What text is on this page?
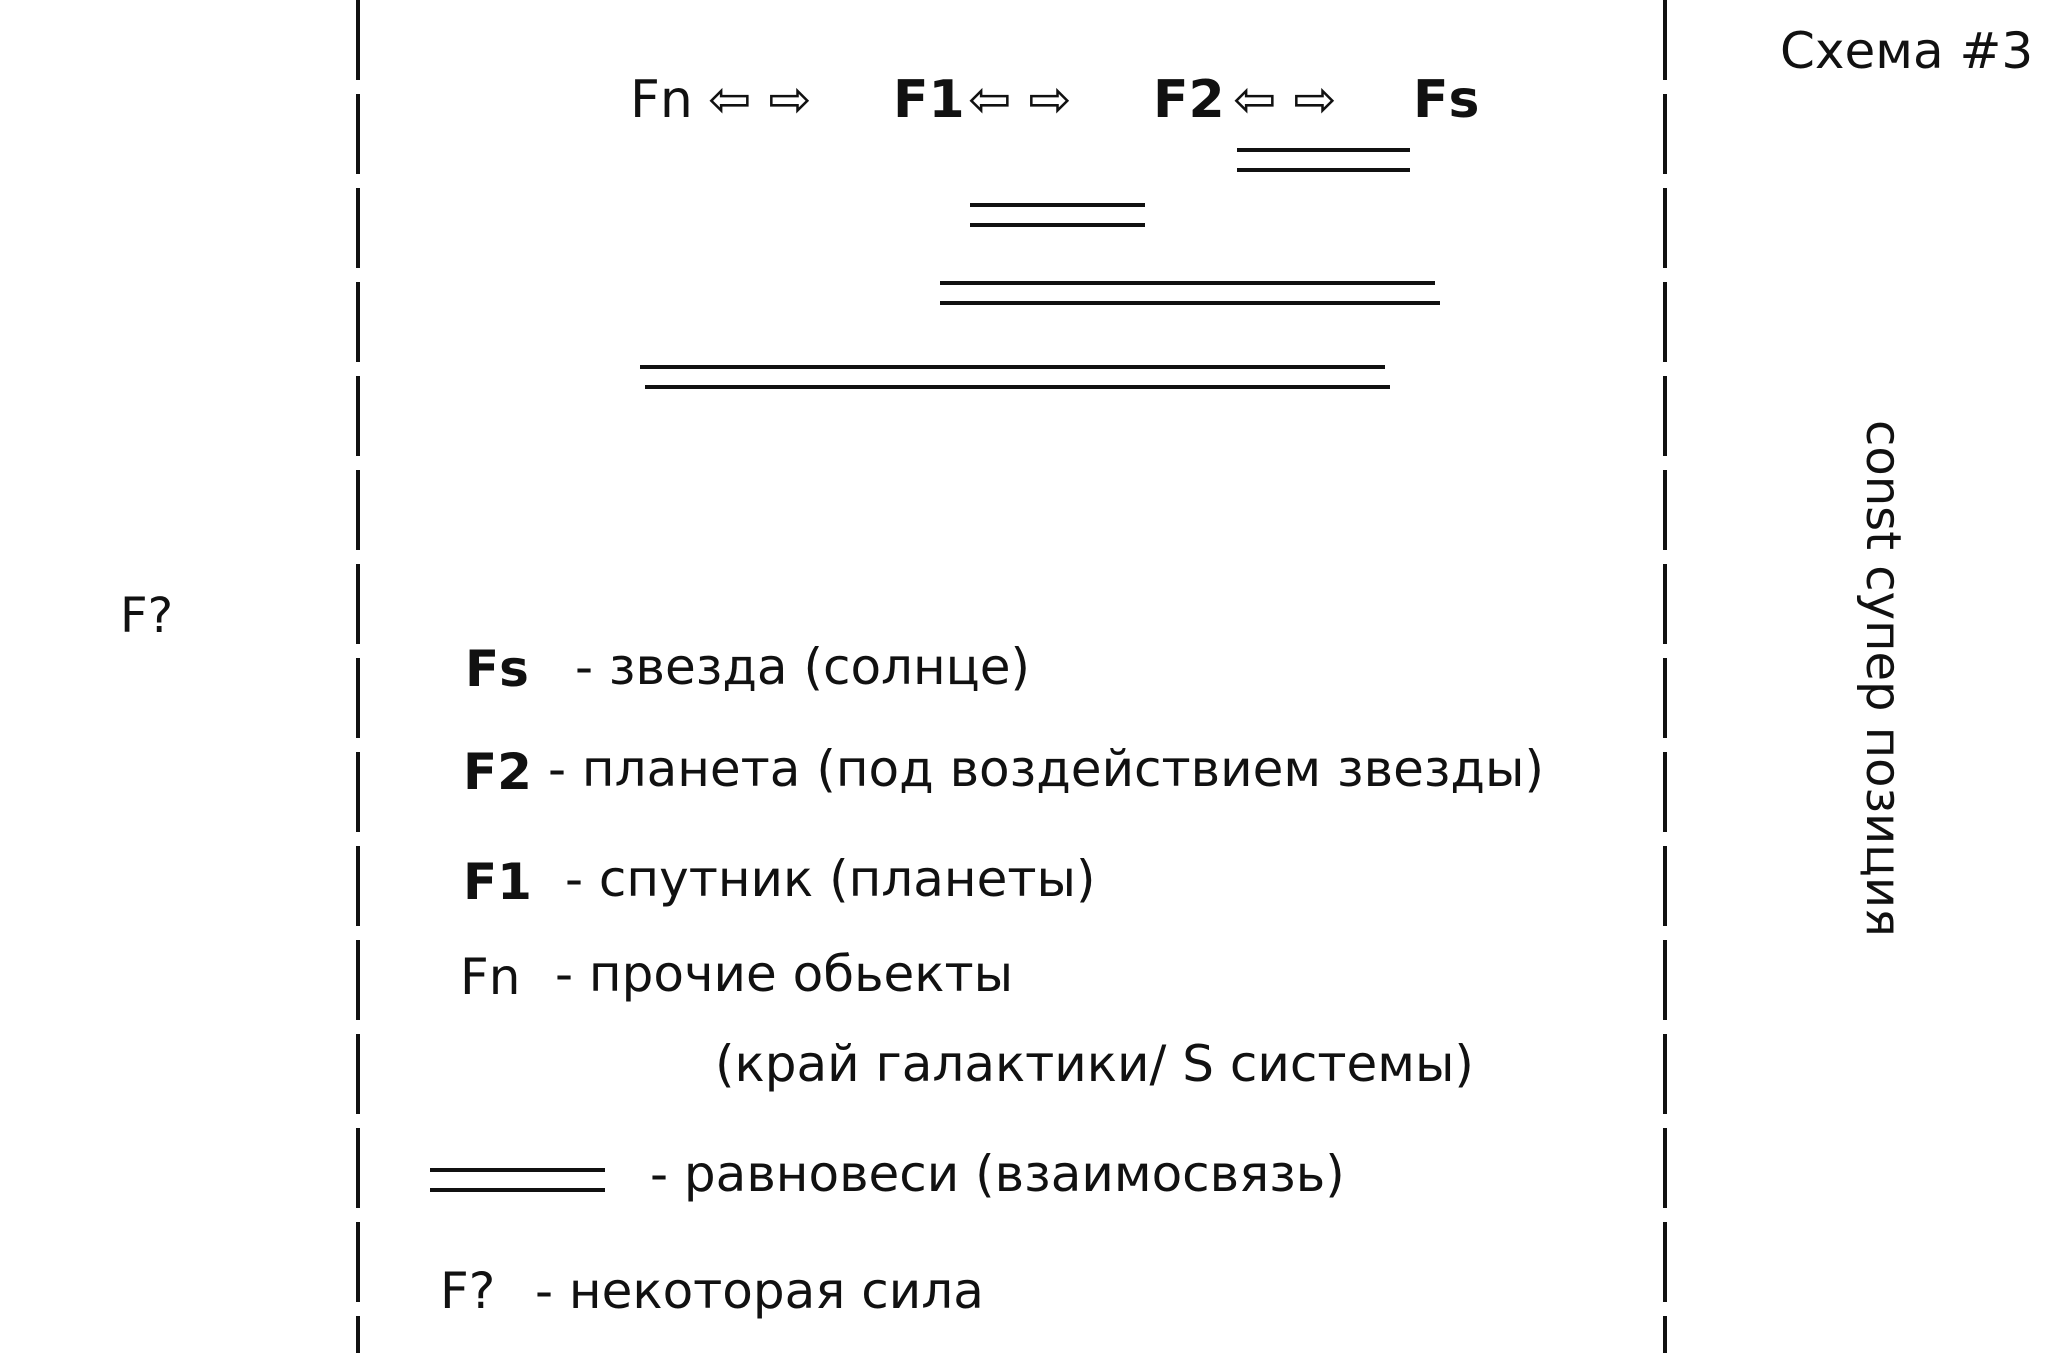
Схема #3
F?	const супер позиция
Fn ⇦ ⇨ F1 ⇦ ⇨ F2 ⇦ ⇨ Fs
Fs - звезда (солнце)
F2 - планета (под воздействием звезды)
F1 - спутник (планеты)
Fn - прочие обьекты
(край галактики/ S системы)
- равновеси (взаимосвязь)
F? - некоторая сила
